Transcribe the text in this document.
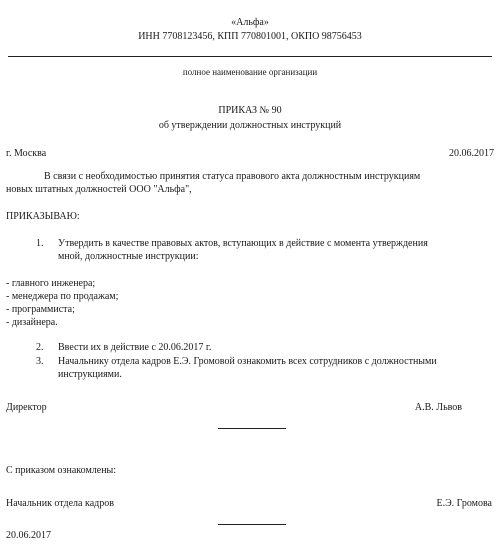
«Альфа»
ИНН 7708123456, КПП 770801001, ОКПО 98756453
полное наименование организации
ПРИКАЗ № 90
об утверждении должностных инструкций
г. Москва	20.06.2017
В связи с необходимостью принятия статуса правового акта должностным инструкциям
новых штатных должностей ООО "Альфа",
ПРИКАЗЫВАЮ:
1. Утвердить в качестве правовых актов, вступающих в действие с момента утверждения
мной, должностные инструкции:
- главного инженера;
- менеджера по продажам;
- программиста;
- дизайнера.
2. Ввести их в действие с 20.06.2017 г.
3. Начальнику отдела кадров Е.Э. Громовой ознакомить всех сотрудников с должностными
инструкциями.
Директор	А.В. Львов
С приказом ознакомлены:
Начальник отдела кадров	Е.Э. Громова
20.06.2017
